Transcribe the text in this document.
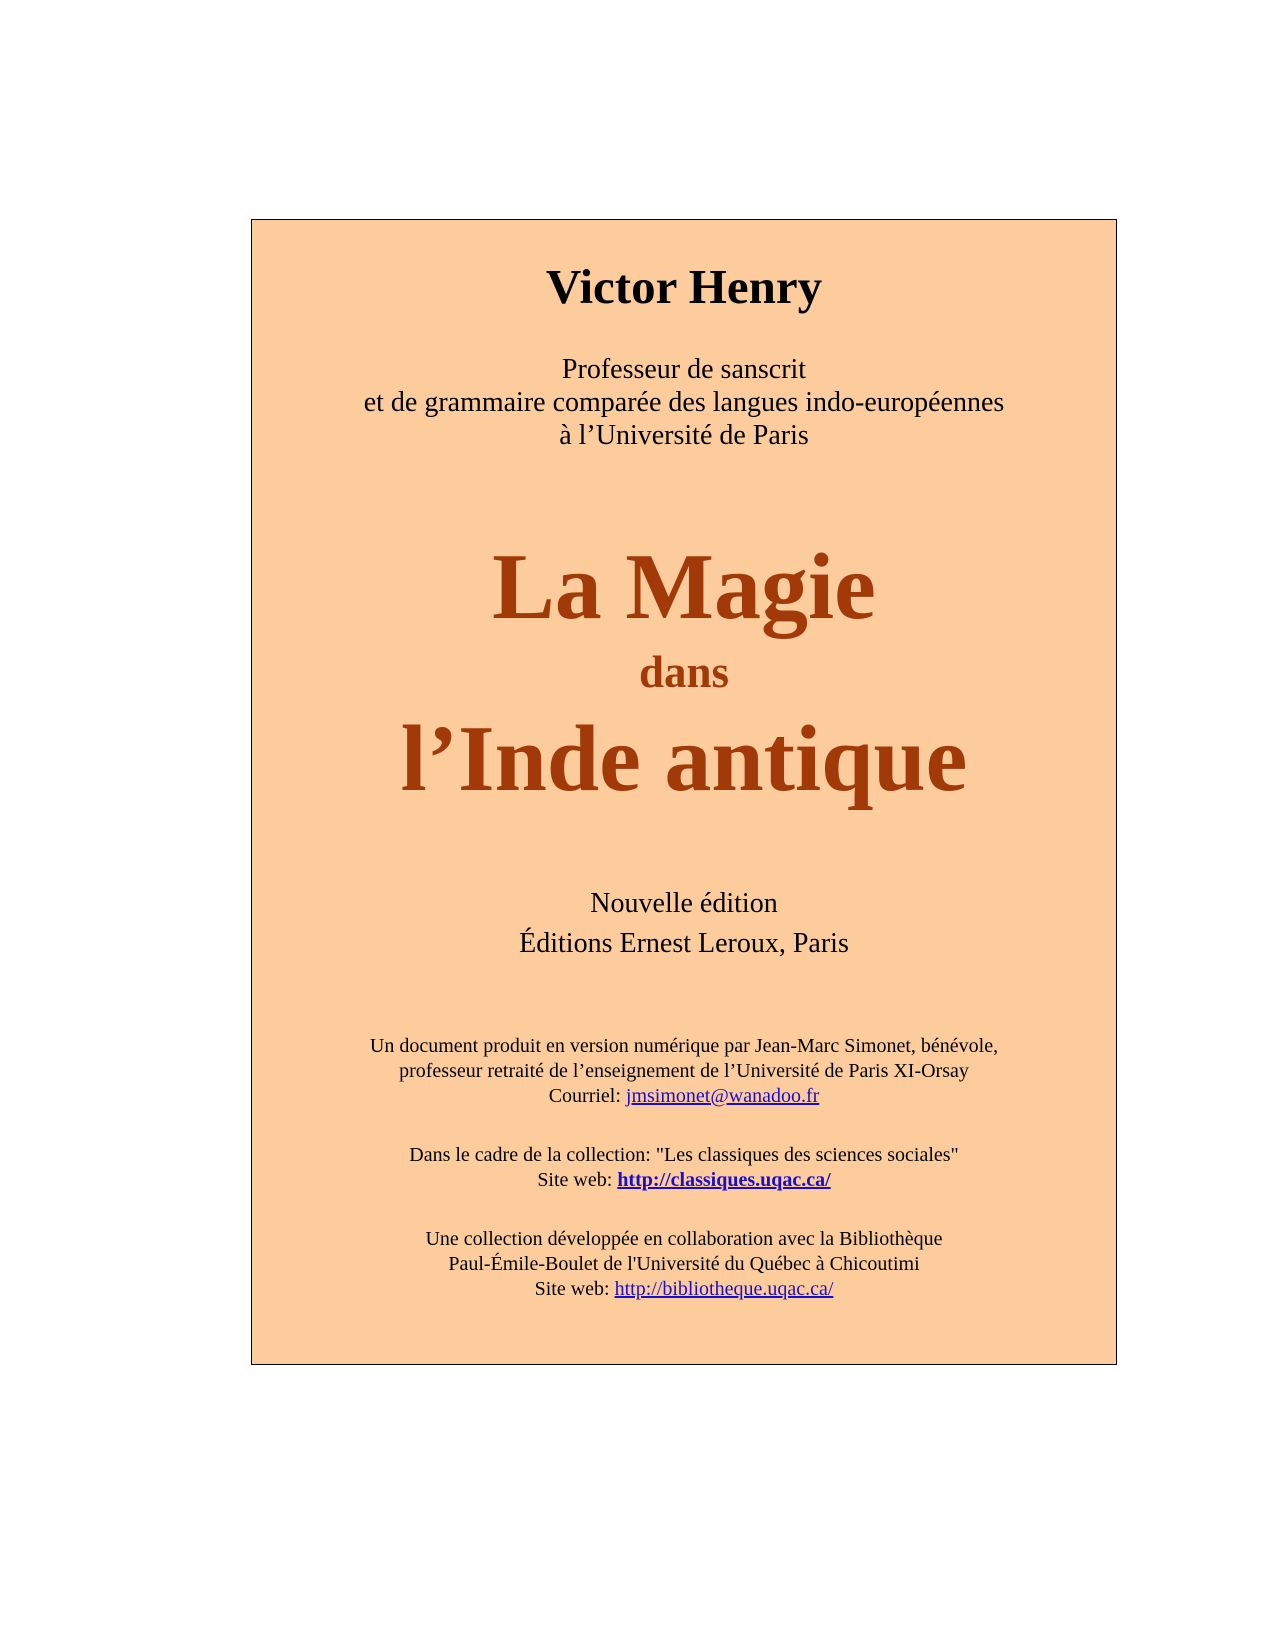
Victor Henry

Professeur de sanscrit

et de grammaire comparée des langues indo-européennes

à l’Université de Paris

La Magie

dans

l’Inde antique

Nouvelle édition

Éditions Ernest Leroux, Paris

Un document produit en version numérique par Jean-Marc Simonet, bénévole,

professeur retraité de l’enseignement de l’Université de Paris XI-Orsay

Courriel: jmsimonet@wanadoo.fr

Dans le cadre de la collection: "Les classiques des sciences sociales"

Site web: http://classiques.uqac.ca/

Une collection développée en collaboration avec la Bibliothèque

Paul-Émile-Boulet de l'Université du Québec à Chicoutimi

Site web: http://bibliotheque.uqac.ca/
